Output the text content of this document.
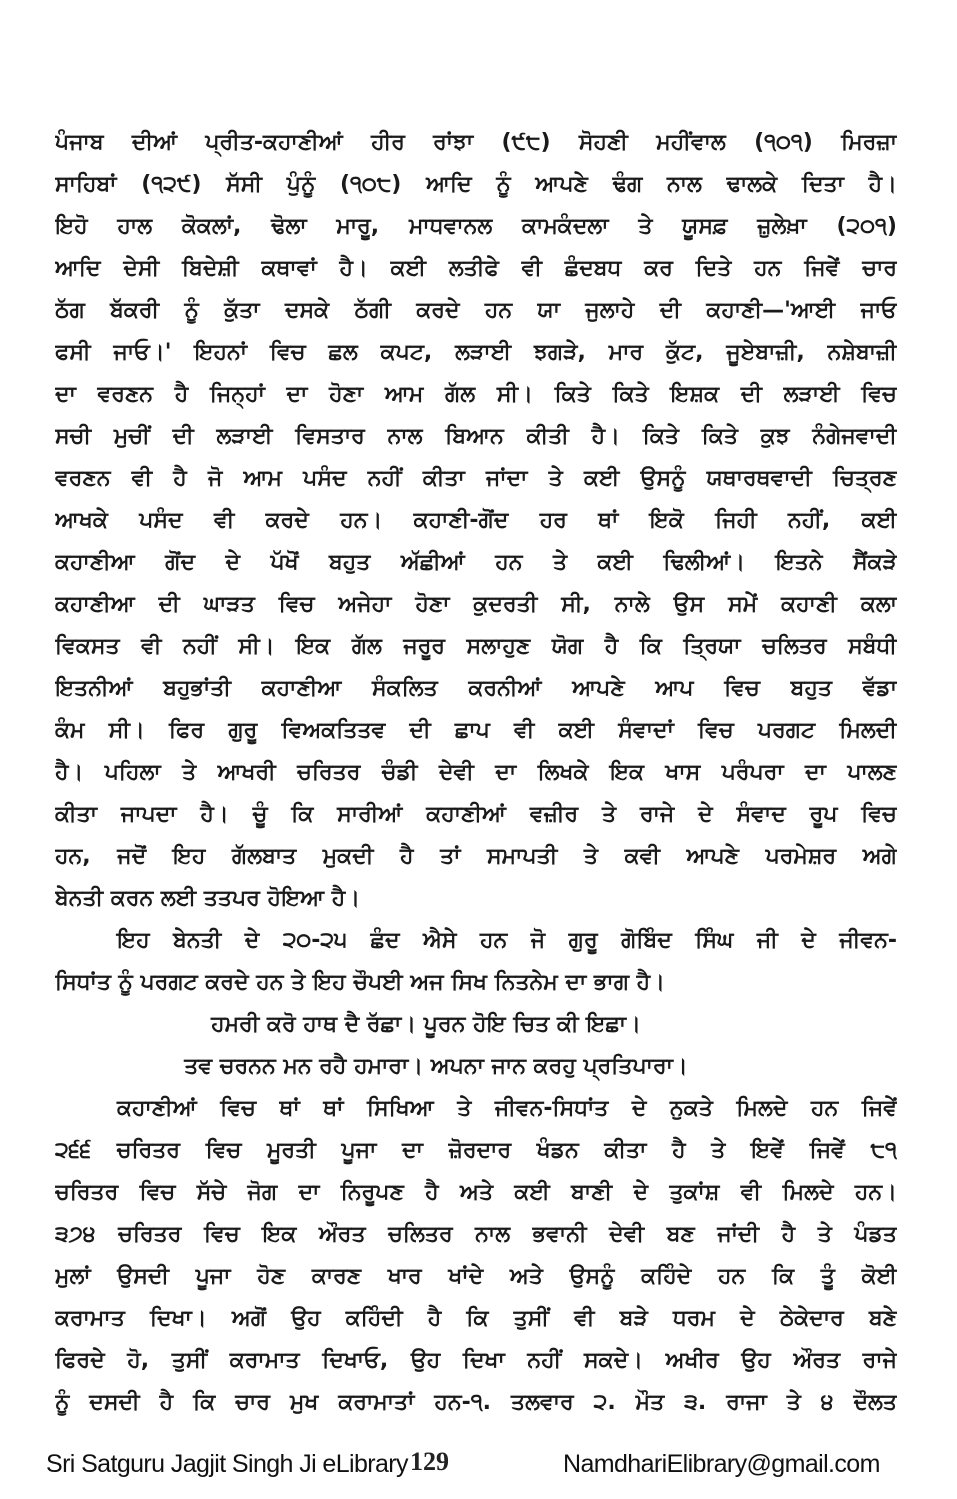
ਪੰਜਾਬ ਦੀਆਂ ਪ੍ਰੀਤ-ਕਹਾਣੀਆਂ ਹੀਰ ਰਾਂਝਾ (੯੮) ਸੋਹਣੀ ਮਹੀਂਵਾਲ (੧੦੧) ਮਿਰਜ਼ਾ
ਸਾਹਿਬਾਂ (੧੨੯) ਸੱਸੀ ਪੁੰਨੂੰ (੧੦੮) ਆਦਿ ਨੂੰ ਆਪਣੇ ਢੰਗ ਨਾਲ ਢਾਲਕੇ ਦਿਤਾ ਹੈ।
ਇਹੋ ਹਾਲ ਕੋਕਲਾਂ, ਢੋਲਾ ਮਾਰੂ, ਮਾਧਵਾਨਲ ਕਾਮਕੰਦਲਾ ਤੇ ਯੂਸਫ਼ ਜ਼ੁਲੇਖ਼ਾ (੨੦੧)
ਆਦਿ ਦੇਸੀ ਬਿਦੇਸ਼ੀ ਕਥਾਵਾਂ ਹੈ। ਕਈ ਲਤੀਫੇ ਵੀ ਛੰਦਬਧ ਕਰ ਦਿਤੇ ਹਨ ਜਿਵੇਂ ਚਾਰ
ਠੱਗ ਬੱਕਰੀ ਨੂੰ ਕੁੱਤਾ ਦਸਕੇ ਠੱਗੀ ਕਰਦੇ ਹਨ ਯਾ ਜੁਲਾਹੇ ਦੀ ਕਹਾਣੀ—'ਆਈ ਜਾਓ
ਫਸੀ ਜਾਓ।' ਇਹਨਾਂ ਵਿਚ ਛਲ ਕਪਟ, ਲੜਾਈ ਝਗੜੇ, ਮਾਰ ਕੁੱਟ, ਜੂਏਬਾਜ਼ੀ, ਨਸ਼ੇਬਾਜ਼ੀ
ਦਾ ਵਰਣਨ ਹੈ ਜਿਨ੍ਹਾਂ ਦਾ ਹੋਣਾ ਆਮ ਗੱਲ ਸੀ। ਕਿਤੇ ਕਿਤੇ ਇਸ਼ਕ ਦੀ ਲੜਾਈ ਵਿਚ
ਸਚੀ ਮੁਚੀਂ ਦੀ ਲੜਾਈ ਵਿਸਤਾਰ ਨਾਲ ਬਿਆਨ ਕੀਤੀ ਹੈ। ਕਿਤੇ ਕਿਤੇ ਕੁਝ ਨੰਗੇਜਵਾਦੀ
ਵਰਣਨ ਵੀ ਹੈ ਜੋ ਆਮ ਪਸੰਦ ਨਹੀਂ ਕੀਤਾ ਜਾਂਦਾ ਤੇ ਕਈ ਉਸਨੂੰ ਯਥਾਰਥਵਾਦੀ ਚਿਤ੍ਰਣ
ਆਖਕੇ ਪਸੰਦ ਵੀ ਕਰਦੇ ਹਨ। ਕਹਾਣੀ-ਗੋਂਦ ਹਰ ਥਾਂ ਇਕੋ ਜਿਹੀ ਨਹੀਂ, ਕਈ
ਕਹਾਣੀਆ ਗੋਂਦ ਦੇ ਪੱਖੋਂ ਬਹੁਤ ਅੱਛੀਆਂ ਹਨ ਤੇ ਕਈ ਢਿਲੀਆਂ। ਇਤਨੇ ਸੈਂਕੜੇ
ਕਹਾਣੀਆ ਦੀ ਘਾੜਤ ਵਿਚ ਅਜੇਹਾ ਹੋਣਾ ਕੁਦਰਤੀ ਸੀ, ਨਾਲੇ ਉਸ ਸਮੇਂ ਕਹਾਣੀ ਕਲਾ
ਵਿਕਸਤ ਵੀ ਨਹੀਂ ਸੀ। ਇਕ ਗੱਲ ਜਰੂਰ ਸਲਾਹੁਣ ਯੋਗ ਹੈ ਕਿ ਤ੍ਰਿਯਾ ਚਲਿਤਰ ਸਬੰਧੀ
ਇਤਨੀਆਂ ਬਹੁਭਾਂਤੀ ਕਹਾਣੀਆ ਸੰਕਲਿਤ ਕਰਨੀਆਂ ਆਪਣੇ ਆਪ ਵਿਚ ਬਹੁਤ ਵੱਡਾ
ਕੰਮ ਸੀ। ਫਿਰ ਗੁਰੂ ਵਿਅਕਤਿਤਵ ਦੀ ਛਾਪ ਵੀ ਕਈ ਸੰਵਾਦਾਂ ਵਿਚ ਪਰਗਟ ਮਿਲਦੀ
ਹੈ। ਪਹਿਲਾ ਤੇ ਆਖਰੀ ਚਰਿਤਰ ਚੰਡੀ ਦੇਵੀ ਦਾ ਲਿਖਕੇ ਇਕ ਖਾਸ ਪਰੰਪਰਾ ਦਾ ਪਾਲਣ
ਕੀਤਾ ਜਾਪਦਾ ਹੈ। ਚੂੰ ਕਿ ਸਾਰੀਆਂ ਕਹਾਣੀਆਂ ਵਜ਼ੀਰ ਤੇ ਰਾਜੇ ਦੇ ਸੰਵਾਦ ਰੂਪ ਵਿਚ
ਹਨ, ਜਦੋਂ ਇਹ ਗੱਲਬਾਤ ਮੁਕਦੀ ਹੈ ਤਾਂ ਸਮਾਪਤੀ ਤੇ ਕਵੀ ਆਪਣੇ ਪਰਮੇਸ਼ਰ ਅਗੇ
ਬੇਨਤੀ ਕਰਨ ਲਈ ਤਤਪਰ ਹੋਇਆ ਹੈ।
ਇਹ ਬੇਨਤੀ ਦੇ ੨੦-੨੫ ਛੰਦ ਐਸੇ ਹਨ ਜੋ ਗੁਰੂ ਗੋਬਿੰਦ ਸਿੰਘ ਜੀ ਦੇ ਜੀਵਨ-
ਸਿਧਾਂਤ ਨੂੰ ਪਰਗਟ ਕਰਦੇ ਹਨ ਤੇ ਇਹ ਚੌਪਈ ਅਜ ਸਿਖ ਨਿਤਨੇਮ ਦਾ ਭਾਗ ਹੈ।
ਹਮਰੀ ਕਰੋ ਹਾਥ ਦੈ ਰੱਛਾ। ਪੂਰਨ ਹੋਇ ਚਿਤ ਕੀ ਇਛਾ।
ਤਵ ਚਰਨਨ ਮਨ ਰਹੈ ਹਮਾਰਾ। ਅਪਨਾ ਜਾਨ ਕਰਹੁ ਪ੍ਰਤਿਪਾਰਾ।
ਕਹਾਣੀਆਂ ਵਿਚ ਥਾਂ ਥਾਂ ਸਿਖਿਆ ਤੇ ਜੀਵਨ-ਸਿਧਾਂਤ ਦੇ ਨੁਕਤੇ ਮਿਲਦੇ ਹਨ ਜਿਵੇਂ
੨੬੬ ਚਰਿਤਰ ਵਿਚ ਮੂਰਤੀ ਪੂਜਾ ਦਾ ਜ਼ੋਰਦਾਰ ਖੰਡਨ ਕੀਤਾ ਹੈ ਤੇ ਇਵੇਂ ਜਿਵੇਂ ੮੧
ਚਰਿਤਰ ਵਿਚ ਸੱਚੇ ਜੋਗ ਦਾ ਨਿਰੂਪਣ ਹੈ ਅਤੇ ਕਈ ਬਾਣੀ ਦੇ ਤੁਕਾਂਸ਼ ਵੀ ਮਿਲਦੇ ਹਨ।
੩੭੪ ਚਰਿਤਰ ਵਿਚ ਇਕ ਔਰਤ ਚਲਿਤਰ ਨਾਲ ਭਵਾਨੀ ਦੇਵੀ ਬਣ ਜਾਂਦੀ ਹੈ ਤੇ ਪੰਡਤ
ਮੁਲਾਂ ਉਸਦੀ ਪੂਜਾ ਹੋਣ ਕਾਰਣ ਖਾਰ ਖਾਂਦੇ ਅਤੇ ਉਸਨੂੰ ਕਹਿੰਦੇ ਹਨ ਕਿ ਤੂੰ ਕੋਈ
ਕਰਾਮਾਤ ਦਿਖਾ। ਅਗੋਂ ਉਹ ਕਹਿੰਦੀ ਹੈ ਕਿ ਤੁਸੀਂ ਵੀ ਬੜੇ ਧਰਮ ਦੇ ਠੇਕੇਦਾਰ ਬਣੇ
ਫਿਰਦੇ ਹੋ, ਤੁਸੀਂ ਕਰਾਮਾਤ ਦਿਖਾਓ, ਉਹ ਦਿਖਾ ਨਹੀਂ ਸਕਦੇ। ਅਖੀਰ ਉਹ ਔਰਤ ਰਾਜੇ
ਨੂੰ ਦਸਦੀ ਹੈ ਕਿ ਚਾਰ ਮੁਖ ਕਰਾਮਾਤਾਂ ਹਨ-੧. ਤਲਵਾਰ ੨. ਮੌਤ ੩. ਰਾਜਾ ਤੇ ੪ ਦੌਲਤ
Sri Satguru Jagjit Singh Ji eLibrary 129	NamdhariElibrary@gmail.com
